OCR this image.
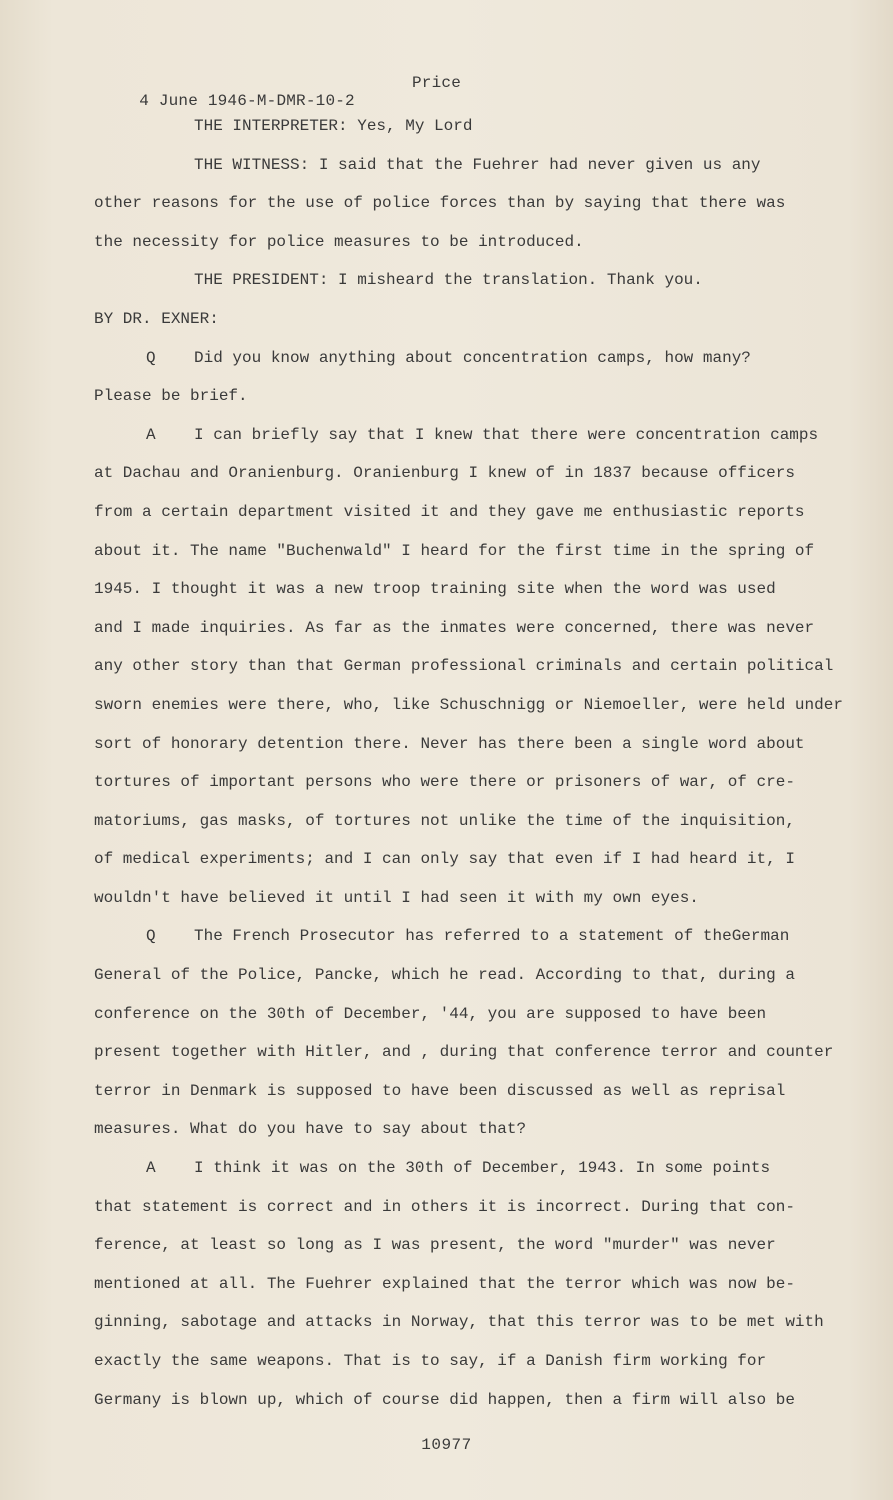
4 June 1946-M-DMR-10-2

Price

THE INTERPRETER: Yes, My Lord
THE WITNESS: I said that the Fuehrer had never given us any
other reasons for the use of police forces than by saying that there was
the necessity for police measures to be introduced.
THE PRESIDENT: I misheard the translation. Thank you.
BY DR. EXNER:
Q Did you know anything about concentration camps, how many?
Please be brief.
A I can briefly say that I knew that there were concentration camps
at Dachau and Oranienburg. Oranienburg I knew of in 1837 because officers
from a certain department visited it and they gave me enthusiastic reports
about it. The name "Buchenwald" I heard for the first time in the spring of
1945. I thought it was a new troop training site when the word was used
and I made inquiries. As far as the inmates were concerned, there was never
any other story than that German professional criminals and certain political
sworn enemies were there, who, like Schuschnigg or Niemoeller, were held under
sort of honorary detention there. Never has there been a single word about
tortures of important persons who were there or prisoners of war, of cre-
matoriums, gas masks, of tortures not unlike the time of the inquisition,
of medical experiments; and I can only say that even if I had heard it, I
wouldn't have believed it until I had seen it with my own eyes.
Q The French Prosecutor has referred to a statement of theGerman
General of the Police, Pancke, which he read. According to that, during a
conference on the 30th of December, '44, you are supposed to have been
present together with Hitler, and , during that conference terror and counter
terror in Denmark is supposed to have been discussed as well as reprisal
measures. What do you have to say about that?
A I think it was on the 30th of December, 1943. In some points
that statement is correct and in others it is incorrect. During that con-
ference, at least so long as I was present, the word "murder" was never
mentioned at all. The Fuehrer explained that the terror which was now be-
ginning, sabotage and attacks in Norway, that this terror was to be met with
exactly the same weapons. That is to say, if a Danish firm working for
Germany is blown up, which of course did happen, then a firm will also be
10977
